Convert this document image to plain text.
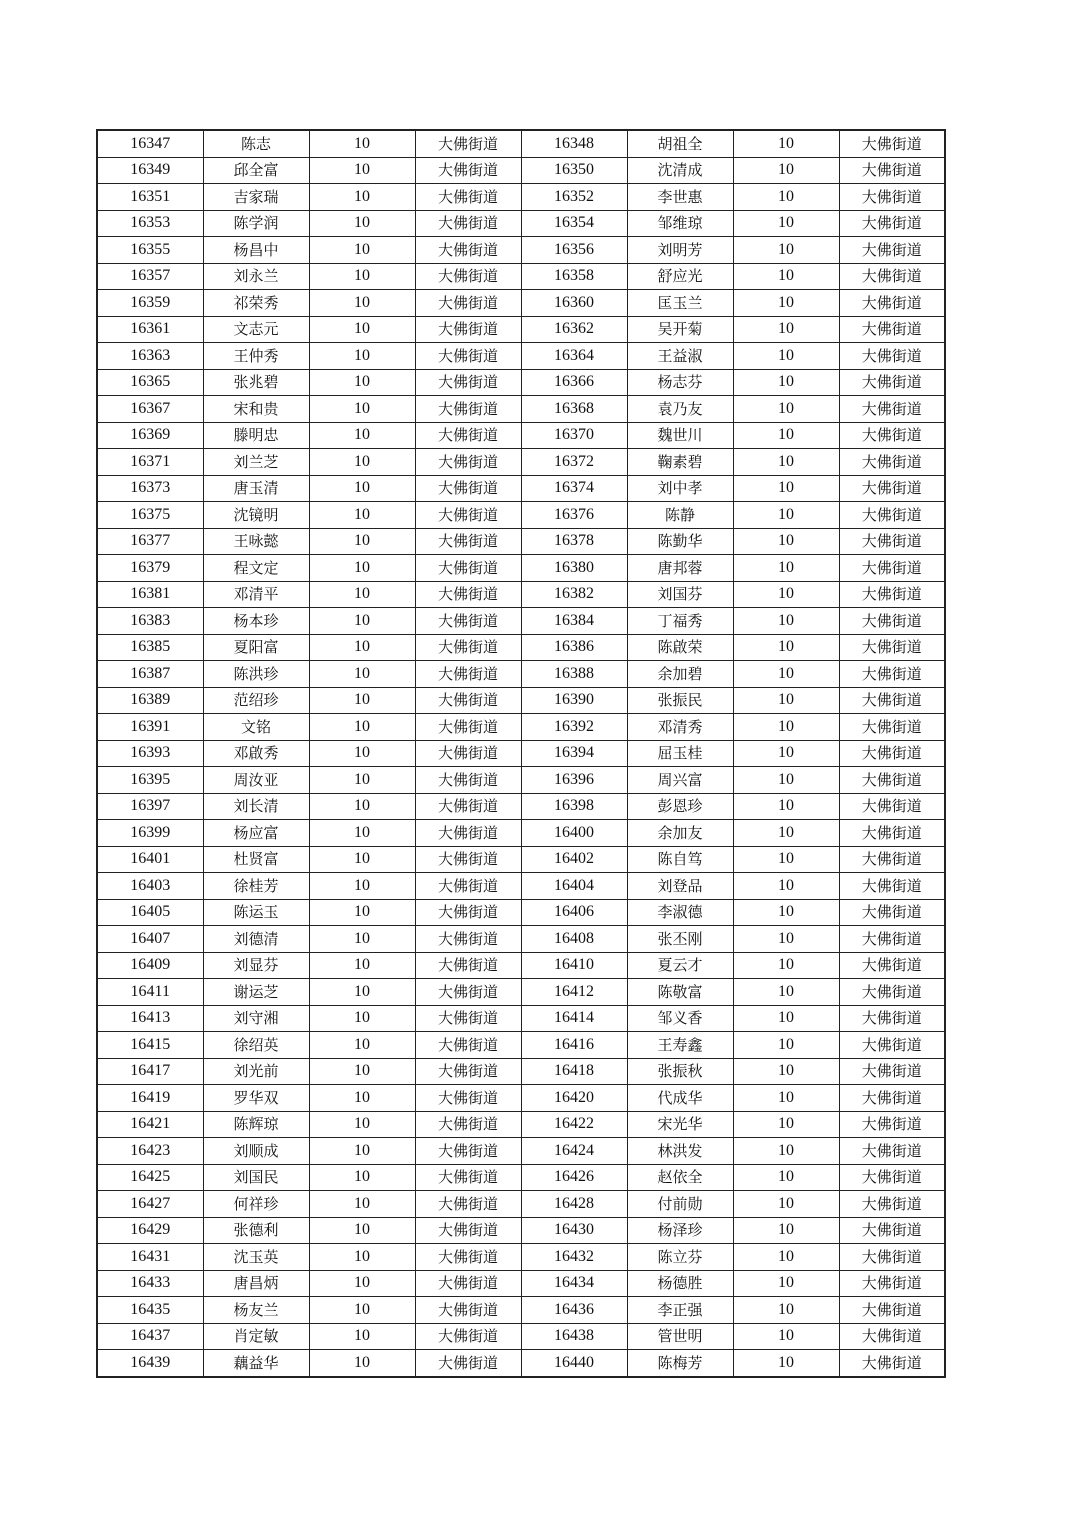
16347	陈志	10	大佛街道	16348	胡祖全	10	大佛街道
16349	邱全富	10	大佛街道	16350	沈清成	10	大佛街道
16351	吉家瑞	10	大佛街道	16352	李世惠	10	大佛街道
16353	陈学润	10	大佛街道	16354	邹维琼	10	大佛街道
16355	杨昌中	10	大佛街道	16356	刘明芳	10	大佛街道
16357	刘永兰	10	大佛街道	16358	舒应光	10	大佛街道
16359	祁荣秀	10	大佛街道	16360	匡玉兰	10	大佛街道
16361	文志元	10	大佛街道	16362	吴开菊	10	大佛街道
16363	王仲秀	10	大佛街道	16364	王益淑	10	大佛街道
16365	张兆碧	10	大佛街道	16366	杨志芬	10	大佛街道
16367	宋和贵	10	大佛街道	16368	袁乃友	10	大佛街道
16369	滕明忠	10	大佛街道	16370	魏世川	10	大佛街道
16371	刘兰芝	10	大佛街道	16372	鞠素碧	10	大佛街道
16373	唐玉清	10	大佛街道	16374	刘中孝	10	大佛街道
16375	沈镜明	10	大佛街道	16376	陈静	10	大佛街道
16377	王咏懿	10	大佛街道	16378	陈勤华	10	大佛街道
16379	程文定	10	大佛街道	16380	唐邦蓉	10	大佛街道
16381	邓清平	10	大佛街道	16382	刘国芬	10	大佛街道
16383	杨本珍	10	大佛街道	16384	丁福秀	10	大佛街道
16385	夏阳富	10	大佛街道	16386	陈啟荣	10	大佛街道
16387	陈洪珍	10	大佛街道	16388	余加碧	10	大佛街道
16389	范绍珍	10	大佛街道	16390	张振民	10	大佛街道
16391	文铭	10	大佛街道	16392	邓清秀	10	大佛街道
16393	邓啟秀	10	大佛街道	16394	屈玉桂	10	大佛街道
16395	周汝亚	10	大佛街道	16396	周兴富	10	大佛街道
16397	刘长清	10	大佛街道	16398	彭恩珍	10	大佛街道
16399	杨应富	10	大佛街道	16400	余加友	10	大佛街道
16401	杜贤富	10	大佛街道	16402	陈自笃	10	大佛街道
16403	徐桂芳	10	大佛街道	16404	刘登品	10	大佛街道
16405	陈运玉	10	大佛街道	16406	李淑德	10	大佛街道
16407	刘德清	10	大佛街道	16408	张丕刚	10	大佛街道
16409	刘显芬	10	大佛街道	16410	夏云才	10	大佛街道
16411	谢运芝	10	大佛街道	16412	陈敬富	10	大佛街道
16413	刘守湘	10	大佛街道	16414	邹义香	10	大佛街道
16415	徐绍英	10	大佛街道	16416	王寿鑫	10	大佛街道
16417	刘光前	10	大佛街道	16418	张振秋	10	大佛街道
16419	罗华双	10	大佛街道	16420	代成华	10	大佛街道
16421	陈辉琼	10	大佛街道	16422	宋光华	10	大佛街道
16423	刘顺成	10	大佛街道	16424	林洪发	10	大佛街道
16425	刘国民	10	大佛街道	16426	赵依全	10	大佛街道
16427	何祥珍	10	大佛街道	16428	付前勋	10	大佛街道
16429	张德利	10	大佛街道	16430	杨泽珍	10	大佛街道
16431	沈玉英	10	大佛街道	16432	陈立芬	10	大佛街道
16433	唐昌炳	10	大佛街道	16434	杨德胜	10	大佛街道
16435	杨友兰	10	大佛街道	16436	李正强	10	大佛街道
16437	肖定敏	10	大佛街道	16438	管世明	10	大佛街道
16439	藕益华	10	大佛街道	16440	陈梅芳	10	大佛街道
